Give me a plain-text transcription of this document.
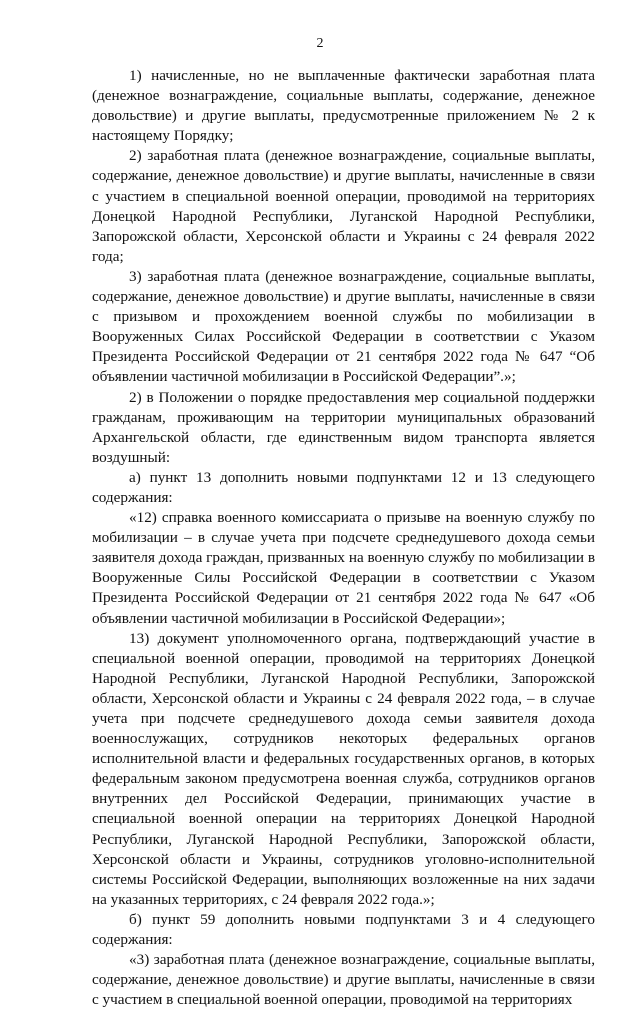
2

1) начисленные, но не выплаченные фактически заработная плата (денежное вознаграждение, социальные выплаты, содержание, денежное довольствие) и другие выплаты, предусмотренные приложением № 2 к настоящему Порядку;

2) заработная плата (денежное вознаграждение, социальные выплаты, содержание, денежное довольствие) и другие выплаты, начисленные в связи с участием в специальной военной операции, проводимой на территориях Донецкой Народной Республики, Луганской Народной Республики, Запорожской области, Херсонской области и Украины с 24 февраля 2022 года;

3) заработная плата (денежное вознаграждение, социальные выплаты, содержание, денежное довольствие) и другие выплаты, начисленные в связи с призывом и прохождением военной службы по мобилизации в Вооруженных Силах Российской Федерации в соответствии с Указом Президента Российской Федерации от 21 сентября 2022 года № 647 “Об объявлении частичной мобилизации в Российской Федерации”.»;

2) в Положении о порядке предоставления мер социальной поддержки гражданам, проживающим на территории муниципальных образований Архангельской области, где единственным видом транспорта является воздушный:

а) пункт 13 дополнить новыми подпунктами 12 и 13 следующего содержания:

«12) справка военного комиссариата о призыве на военную службу по мобилизации – в случае учета при подсчете среднедушевого дохода семьи заявителя дохода граждан, призванных на военную службу по мобилизации в Вооруженные Силы Российской Федерации в соответствии с Указом Президента Российской Федерации от 21 сентября 2022 года № 647 «Об объявлении частичной мобилизации в Российской Федерации»;

13) документ уполномоченного органа, подтверждающий участие в специальной военной операции, проводимой на территориях Донецкой Народной Республики, Луганской Народной Республики, Запорожской области, Херсонской области и Украины с 24 февраля 2022 года, – в случае учета при подсчете среднедушевого дохода семьи заявителя дохода военнослужащих, сотрудников некоторых федеральных органов исполнительной власти и федеральных государственных органов, в которых федеральным законом предусмотрена военная служба, сотрудников органов внутренних дел Российской Федерации, принимающих участие в специальной военной операции на территориях Донецкой Народной Республики, Луганской Народной Республики, Запорожской области, Херсонской области и Украины, сотрудников уголовно-исполнительной системы Российской Федерации, выполняющих возложенные на них задачи на указанных территориях, с 24 февраля 2022 года.»;

б) пункт 59 дополнить новыми подпунктами 3 и 4 следующего содержания:

«3) заработная плата (денежное вознаграждение, социальные выплаты, содержание, денежное довольствие) и другие выплаты, начисленные в связи с участием в специальной военной операции, проводимой на территориях
